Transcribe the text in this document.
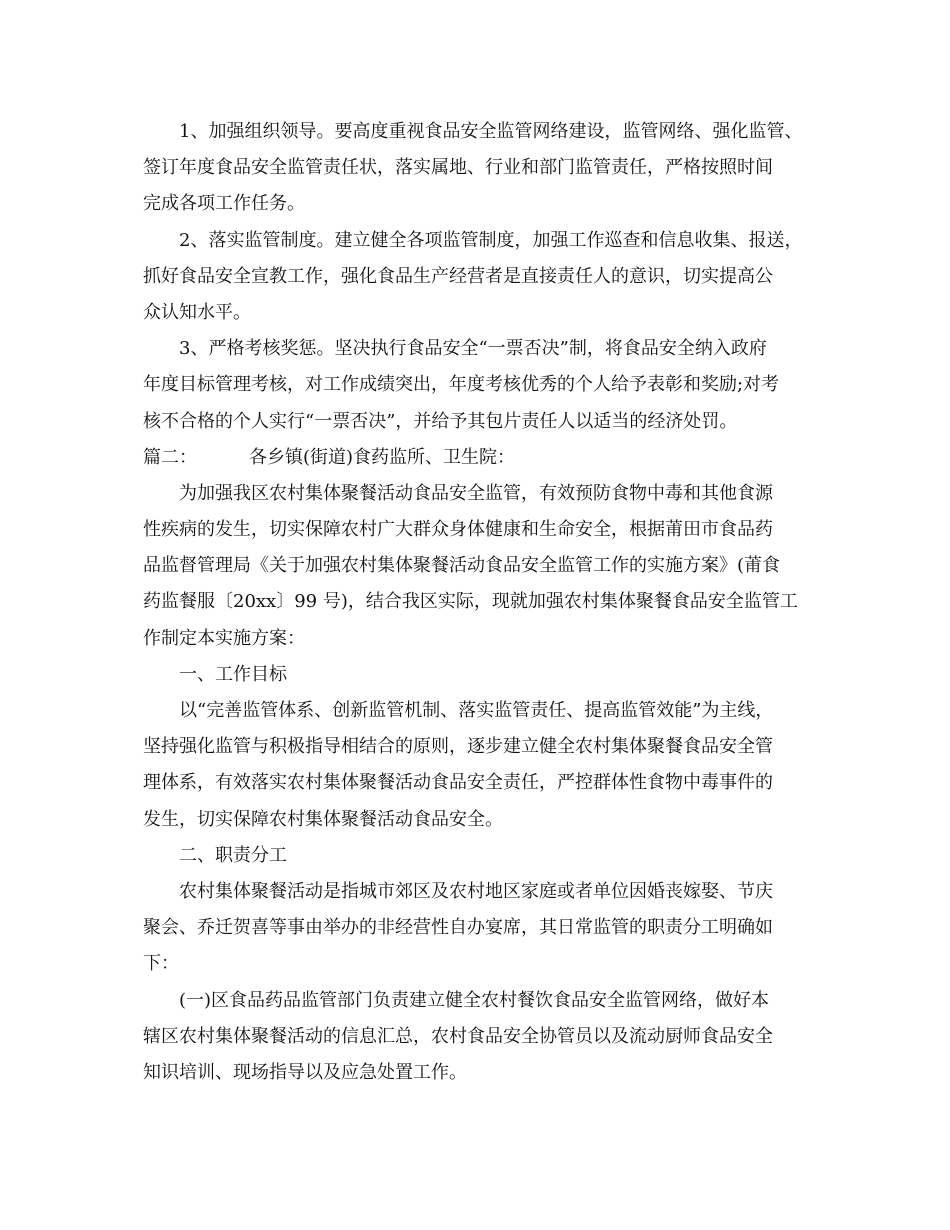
1、加强组织领导。要高度重视食品安全监管网络建设，监管网络、强化监管、
签订年度食品安全监管责任状，落实属地、行业和部门监管责任，严格按照时间
完成各项工作任务。
2、落实监管制度。建立健全各项监管制度，加强工作巡查和信息收集、报送，
抓好食品安全宣教工作，强化食品生产经营者是直接责任人的意识，切实提高公
众认知水平。
3、严格考核奖惩。坚决执行食品安全“一票否决”制，将食品安全纳入政府
年度目标管理考核，对工作成绩突出，年度考核优秀的个人给予表彰和奖励;对考
核不合格的个人实行“一票否决”，并给予其包片责任人以适当的经济处罚。
篇二：	各乡镇(街道)食药监所、卫生院：
为加强我区农村集体聚餐活动食品安全监管，有效预防食物中毒和其他食源
性疾病的发生，切实保障农村广大群众身体健康和生命安全，根据莆田市食品药
品监督管理局《关于加强农村集体聚餐活动食品安全监管工作的实施方案》(莆食
药监餐服〔20xx〕99 号)，结合我区实际，现就加强农村集体聚餐食品安全监管工
作制定本实施方案：
一、工作目标
以“完善监管体系、创新监管机制、落实监管责任、提高监管效能”为主线，
坚持强化监管与积极指导相结合的原则，逐步建立健全农村集体聚餐食品安全管
理体系，有效落实农村集体聚餐活动食品安全责任，严控群体性食物中毒事件的
发生，切实保障农村集体聚餐活动食品安全。
二、职责分工
农村集体聚餐活动是指城市郊区及农村地区家庭或者单位因婚丧嫁娶、节庆
聚会、乔迁贺喜等事由举办的非经营性自办宴席，其日常监管的职责分工明确如
下：
(一)区食品药品监管部门负责建立健全农村餐饮食品安全监管网络，做好本
辖区农村集体聚餐活动的信息汇总，农村食品安全协管员以及流动厨师食品安全
知识培训、现场指导以及应急处置工作。
